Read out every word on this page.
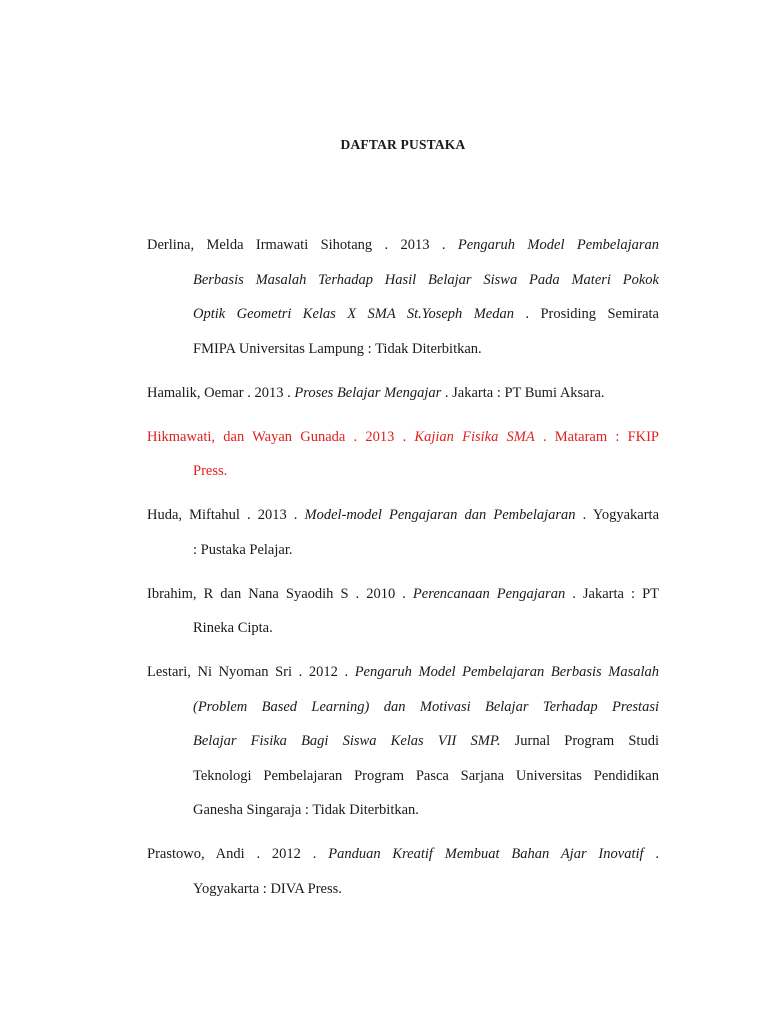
DAFTAR PUSTAKA
Derlina, Melda Irmawati Sihotang . 2013 . Pengaruh Model Pembelajaran
Berbasis Masalah Terhadap Hasil Belajar Siswa Pada Materi Pokok
Optik Geometri Kelas X SMA St.Yoseph Medan . Prosiding Semirata
FMIPA Universitas Lampung : Tidak Diterbitkan.
Hamalik, Oemar . 2013 . Proses Belajar Mengajar . Jakarta : PT Bumi Aksara.
Hikmawati, dan Wayan Gunada . 2013 . Kajian Fisika SMA . Mataram : FKIP
Press.
Huda, Miftahul . 2013 . Model-model Pengajaran dan Pembelajaran . Yogyakarta
: Pustaka Pelajar.
Ibrahim, R dan Nana Syaodih S . 2010 . Perencanaan Pengajaran . Jakarta : PT
Rineka Cipta.
Lestari, Ni Nyoman Sri . 2012 . Pengaruh Model Pembelajaran Berbasis Masalah
(Problem Based Learning) dan Motivasi Belajar Terhadap Prestasi
Belajar Fisika Bagi Siswa Kelas VII SMP. Jurnal Program Studi
Teknologi Pembelajaran Program Pasca Sarjana Universitas Pendidikan
Ganesha Singaraja : Tidak Diterbitkan.
Prastowo, Andi . 2012 . Panduan Kreatif Membuat Bahan Ajar Inovatif .
Yogyakarta : DIVA Press.
